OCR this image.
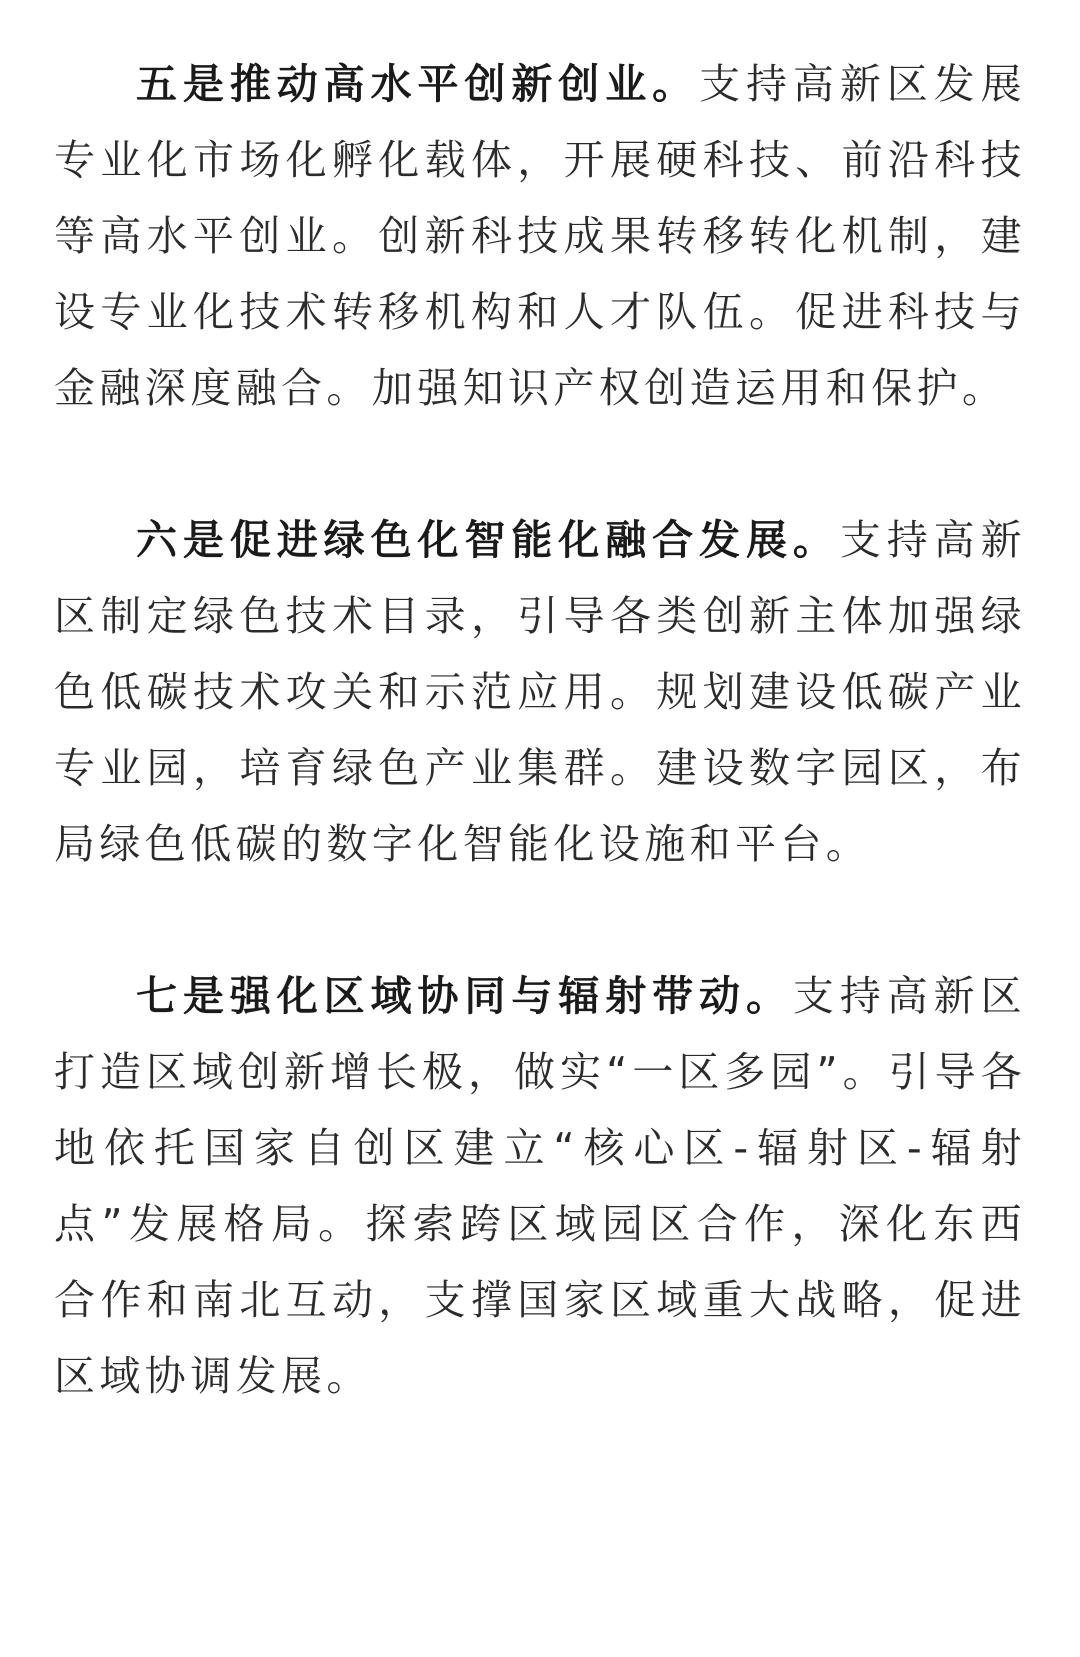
五是推动高水平创新创业。支持高新区发展专业化市场化孵化载体，开展硬科技、前沿科技等高水平创业。创新科技成果转移转化机制，建设专业化技术转移机构和人才队伍。促进科技与金融深度融合。加强知识产权创造运用和保护。

六是促进绿色化智能化融合发展。支持高新区制定绿色技术目录，引导各类创新主体加强绿色低碳技术攻关和示范应用。规划建设低碳产业专业园，培育绿色产业集群。建设数字园区，布局绿色低碳的数字化智能化设施和平台。

七是强化区域协同与辐射带动。支持高新区打造区域创新增长极，做实“一区多园”。引导各地依托国家自创区建立“核心区-辐射区-辐射点”发展格局。探索跨区域园区合作，深化东西合作和南北互动，支撑国家区域重大战略，促进区域协调发展。
